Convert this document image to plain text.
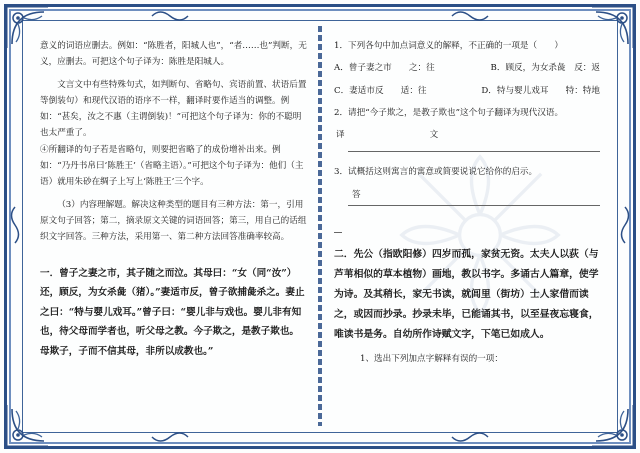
意义的词语应删去。例如：“陈胜者，阳城人也”，“者……也”判断，无义，应删去。可把这个句子译为：陈胜是阳城人。

文言文中有些特殊句式，如判断句、省略句、宾语前置、状语后置等倒装句）和现代汉语的语序不一样，翻译时要作适当的调整。例如：“甚矣，汝之不惠（主谓倒装)！”可把这个句子译为：你的不聪明也太严重了。

④所翻译的句子若是省略句，则要把省略了的成份增补出来。例如：“乃丹书帛曰‘陈胜王’（省略主语）。”可把这个句子译为：他们（主语）就用朱砂在绸子上写上‘陈胜王’三个字。

（3）内容理解题。解决这种类型的题目有三种方法：第一，引用原文句子回答；第二，摘录原文关键的词语回答；第三，用自己的话组织文字回答。三种方法，采用第一、第二种方法回答准确率较高。

一．曾子之妻之市，其子随之而泣。其母曰：“女（同“汝”）还，顾反，为女杀彘（猪）。”妻适市反，曾子欲捕彘杀之。妻止之曰：“特与婴儿戏耳。”曾子曰：“婴儿非与戏也。婴儿非有知也，待父母而学者也，听父母之教。今子欺之，是教子欺也。母欺子，子而不信其母，非所以成教也。”

1．下列各句中加点词意义的解释，不正确的一项是（　　）

A．曾子妻之市　　之：往	B．顾反，为女杀彘　反：返
C．妻适市反　　适：往	D．特与婴儿戏耳　　特：特地

2．请把“今子欺之，是教子欺也”这个句子翻译为现代汉语。

译	文

3．试概括这则寓言的寓意或简要说说它给你的启示。

答

二．先公（指欧阳修）四岁而孤，家贫无资。太夫人以荻（与芦苇相似的草本植物）画地，教以书字。多诵古人篇章，使学为诗。及其稍长，家无书读，就闾里（街坊）士人家借而读之，或因而抄录。抄录未毕，已能诵其书，以至昼夜忘寝食，唯读书是务。自幼所作诗赋文字，下笔已如成人。

1、选出下列加点字解释有误的一项：
